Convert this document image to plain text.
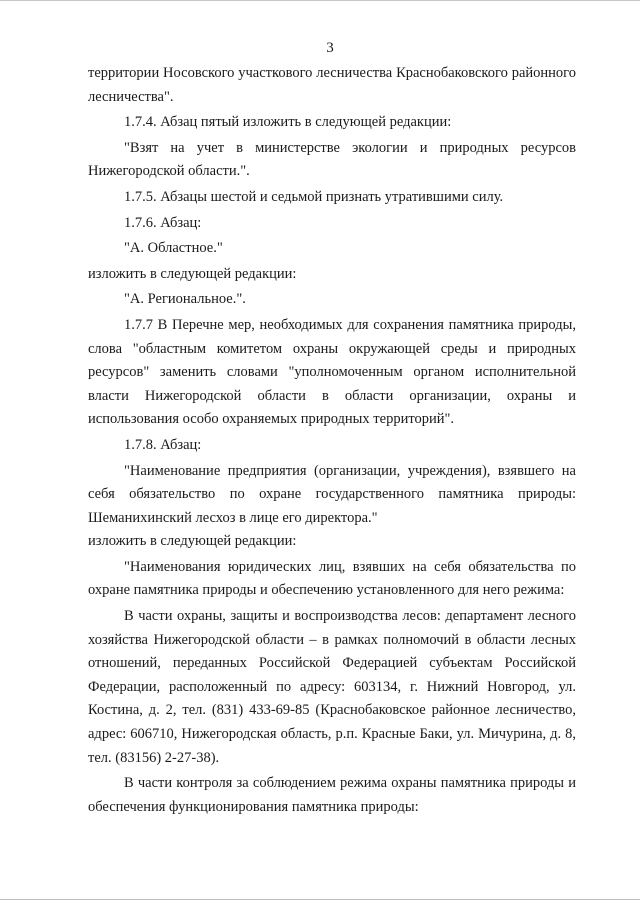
3

территории Носовского участкового лесничества Краснобаковского районного лесничества".

1.7.4. Абзац пятый изложить в следующей редакции:

"Взят на учет в министерстве экологии и природных ресурсов Нижегородской области.".

1.7.5. Абзацы шестой и седьмой признать утратившими силу.

1.7.6. Абзац:

"А. Областное."

изложить в следующей редакции:

"А. Региональное.".

1.7.7 В Перечне мер, необходимых для сохранения памятника природы, слова "областным комитетом охраны окружающей среды и природных ресурсов" заменить словами "уполномоченным органом исполнительной власти Нижегородской области в области организации, охраны и использования особо охраняемых природных территорий".

1.7.8. Абзац:

"Наименование предприятия (организации, учреждения), взявшего на себя обязательство по охране государственного памятника природы: Шеманихинский лесхоз в лице его директора."

изложить в следующей редакции:

"Наименования юридических лиц, взявших на себя обязательства по охране памятника природы и обеспечению установленного для него режима:

В части охраны, защиты и воспроизводства лесов: департамент лесного хозяйства Нижегородской области – в рамках полномочий в области лесных отношений, переданных Российской Федерацией субъектам Российской Федерации, расположенный по адресу: 603134, г. Нижний Новгород, ул. Костина, д. 2, тел. (831) 433-69-85 (Краснобаковское районное лесничество, адрес: 606710, Нижегородская область, р.п. Красные Баки, ул. Мичурина, д. 8, тел. (83156) 2-27-38).

В части контроля за соблюдением режима охраны памятника природы и обеспечения функционирования памятника природы:
